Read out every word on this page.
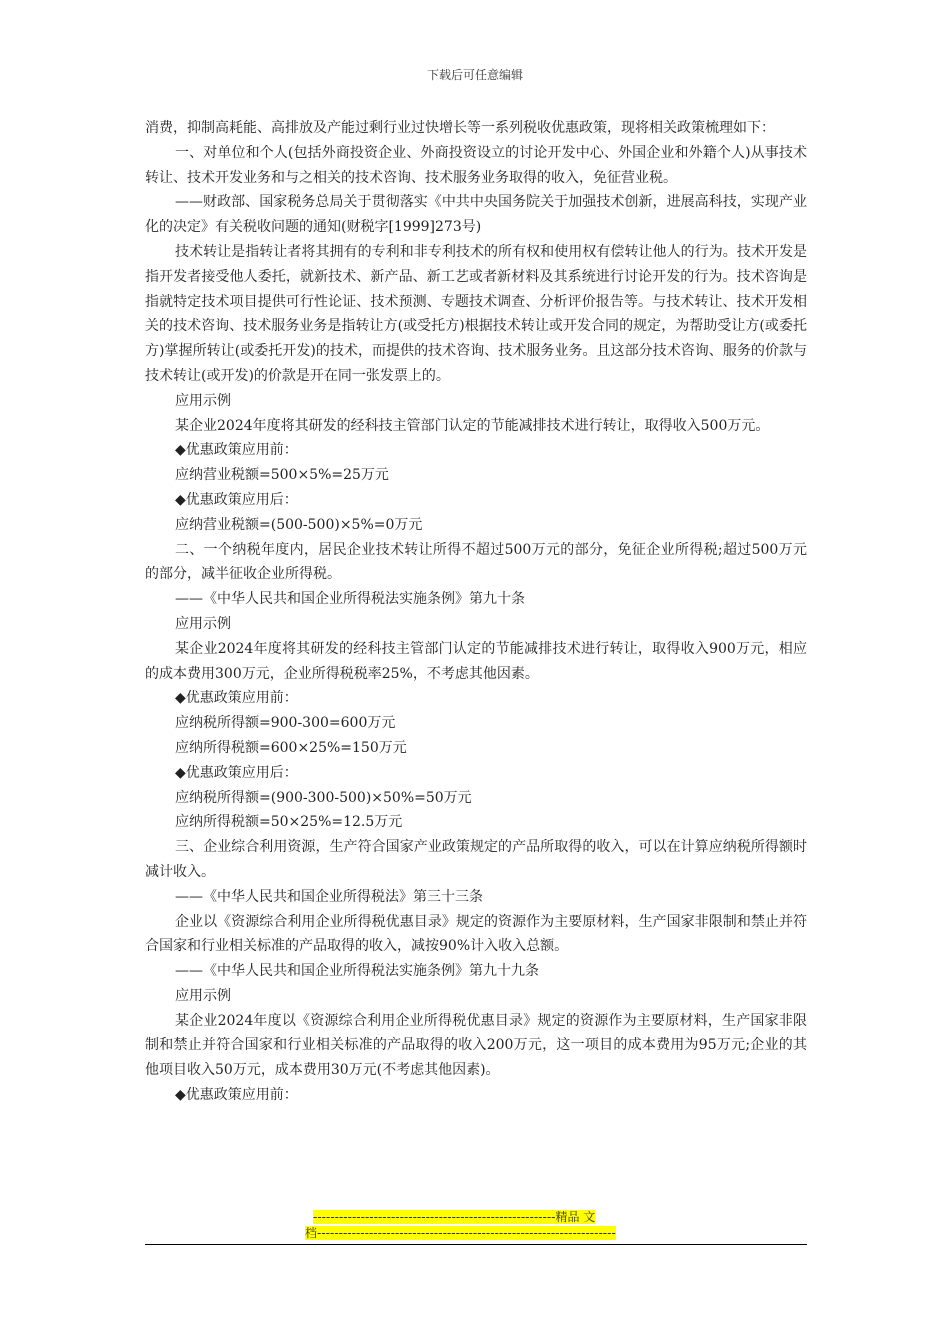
下载后可任意编辑

消费，抑制高耗能、高排放及产能过剩行业过快增长等一系列税收优惠政策，现将相关政策梳理如下：

一、对单位和个人(包括外商投资企业、外商投资设立的讨论开发中心、外国企业和外籍个人)从事技术转让、技术开发业务和与之相关的技术咨询、技术服务业务取得的收入，免征营业税。

——财政部、国家税务总局关于贯彻落实《中共中央国务院关于加强技术创新，进展高科技，实现产业化的决定》有关税收问题的通知(财税字[1999]273号)

技术转让是指转让者将其拥有的专利和非专利技术的所有权和使用权有偿转让他人的行为。技术开发是指开发者接受他人委托，就新技术、新产品、新工艺或者新材料及其系统进行讨论开发的行为。技术咨询是指就特定技术项目提供可行性论证、技术预测、专题技术调查、分析评价报告等。与技术转让、技术开发相关的技术咨询、技术服务业务是指转让方(或受托方)根据技术转让或开发合同的规定，为帮助受让方(或委托方)掌握所转让(或委托开发)的技术，而提供的技术咨询、技术服务业务。且这部分技术咨询、服务的价款与技术转让(或开发)的价款是开在同一张发票上的。

应用示例

某企业2024年度将其研发的经科技主管部门认定的节能减排技术进行转让，取得收入500万元。

◆优惠政策应用前：

应纳营业税额=500×5%=25万元

◆优惠政策应用后：

应纳营业税额=(500-500)×5%=0万元

二、一个纳税年度内，居民企业技术转让所得不超过500万元的部分，免征企业所得税;超过500万元的部分，减半征收企业所得税。

——《中华人民共和国企业所得税法实施条例》第九十条

应用示例

某企业2024年度将其研发的经科技主管部门认定的节能减排技术进行转让，取得收入900万元，相应的成本费用300万元，企业所得税税率25%，不考虑其他因素。

◆优惠政策应用前：

应纳税所得额=900-300=600万元

应纳所得税额=600×25%=150万元

◆优惠政策应用后：

应纳税所得额=(900-300-500)×50%=50万元

应纳所得税额=50×25%=12.5万元

三、企业综合利用资源，生产符合国家产业政策规定的产品所取得的收入，可以在计算应纳税所得额时减计收入。

——《中华人民共和国企业所得税法》第三十三条

企业以《资源综合利用企业所得税优惠目录》规定的资源作为主要原材料，生产国家非限制和禁止并符合国家和行业相关标准的产品取得的收入，减按90%计入收入总额。

——《中华人民共和国企业所得税法实施条例》第九十九条

应用示例

某企业2024年度以《资源综合利用企业所得税优惠目录》规定的资源作为主要原材料，生产国家非限制和禁止并符合国家和行业相关标准的产品取得的收入200万元，这一项目的成本费用为95万元;企业的其他项目收入50万元，成本费用30万元(不考虑其他因素)。

◆优惠政策应用前：

--------------------------------------------------------精品 文
档---------------------------------------------------------------------
